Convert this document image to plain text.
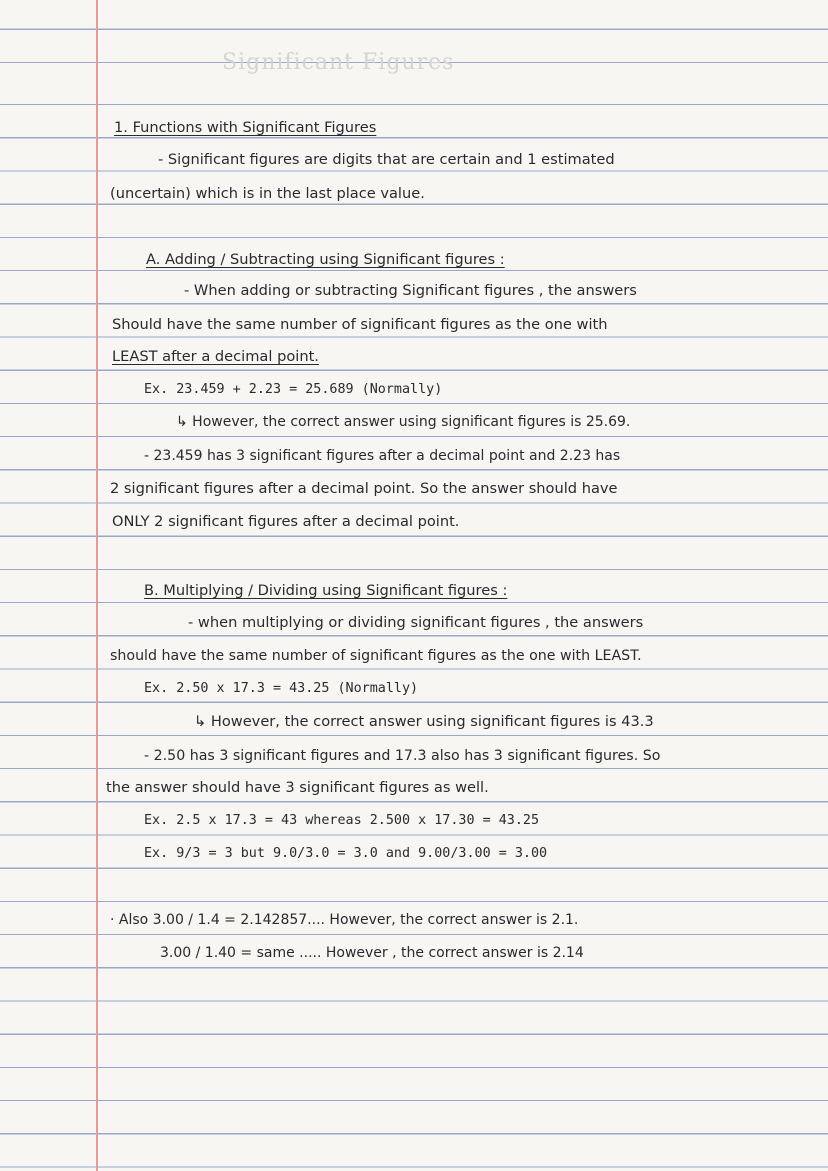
Significant Figures
1. Functions with Significant Figures
- Significant figures are digits that are certain and 1 estimated
(uncertain) which is in the last place value.
A. Adding / Subtracting using Significant figures :
- When adding or subtracting Significant figures , the answers
Should have the same number of significant figures as the one with
LEAST after a decimal point.
Ex. 23.459 + 2.23 = 25.689 (Normally)
↳ However, the correct answer using significant figures is 25.69.
- 23.459 has 3 significant figures after a decimal point and 2.23 has
2 significant figures after a decimal point. So the answer should have
ONLY 2 significant figures after a decimal point.
B. Multiplying / Dividing using Significant figures :
- when multiplying or dividing significant figures , the answers
should have the same number of significant figures as the one with LEAST.
Ex. 2.50 x 17.3 = 43.25 (Normally)
↳ However, the correct answer using significant figures is 43.3
- 2.50 has 3 significant figures and 17.3 also has 3 significant figures. So
the answer should have 3 significant figures as well.
Ex. 2.5 x 17.3 = 43 whereas 2.500 x 17.30 = 43.25
Ex. 9/3 = 3 but 9.0/3.0 = 3.0 and 9.00/3.00 = 3.00
· Also 3.00 / 1.4 = 2.142857.... However, the correct answer is 2.1.
3.00 / 1.40 = same ..... However , the correct answer is 2.14
